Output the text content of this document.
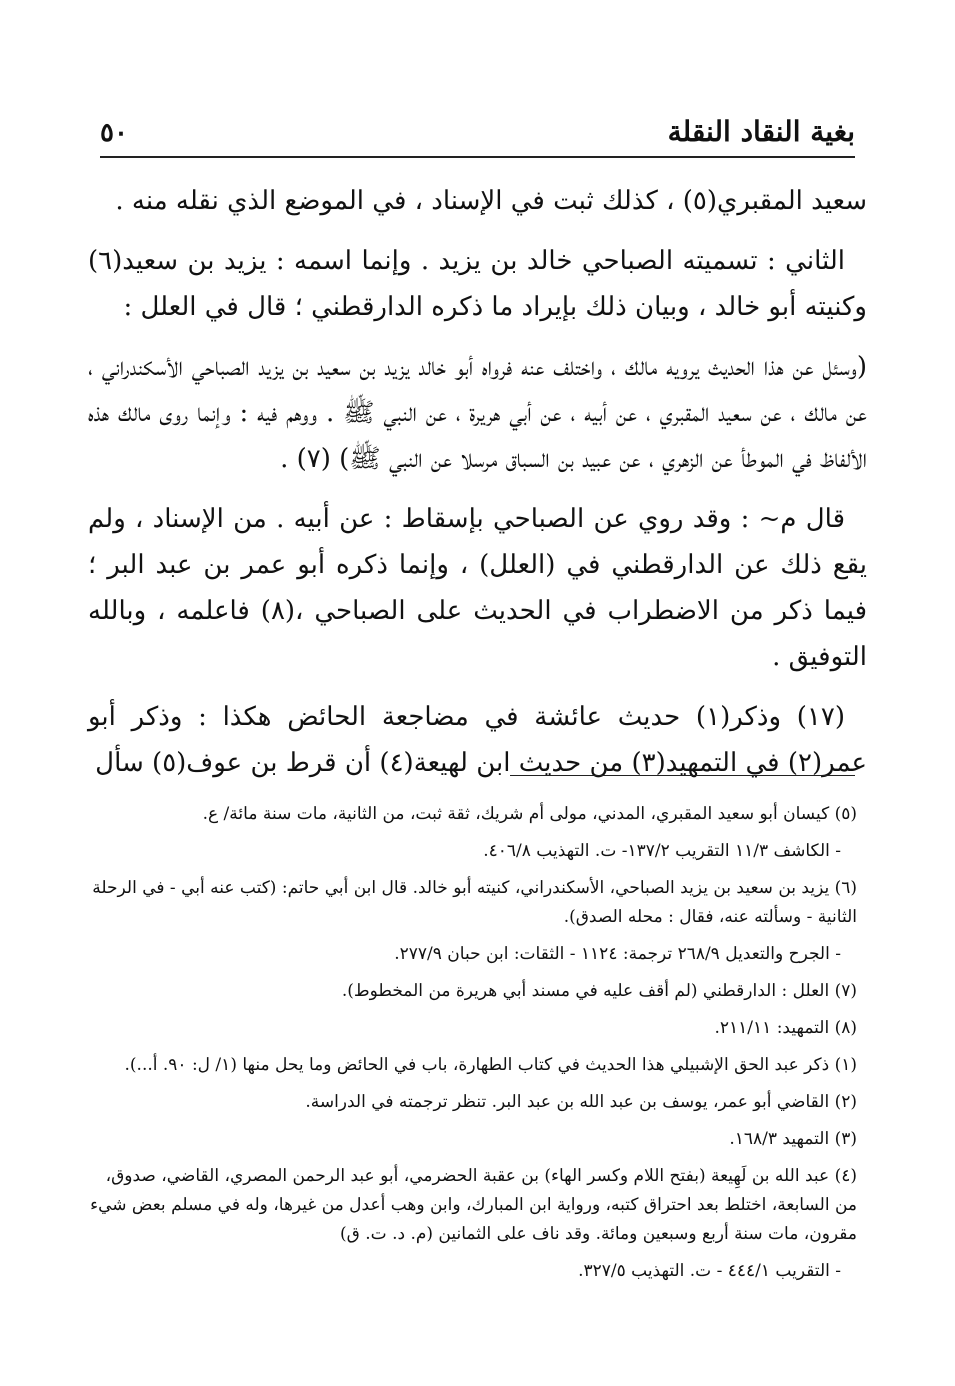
بغية النقاد النقلة
٥٠

سعيد المقبري(٥) ، كذلك ثبت في الإسناد ، في الموضع الذي نقله منه .

الثاني : تسميته الصباحي خالد بن يزيد . وإنما اسمه : يزيد بن سعيد(٦) وكنيته أبو خالد ، وبيان ذلك بإيراد ما ذكره الدارقطني ؛ قال في العلل :

(وسئل عن هذا الحديث يرويه مالك ، واختلف عنه فرواه أبو خالد يزيد بن سعيد بن يزيد الصباحي الأسكندراني ، عن مالك ، عن سعيد المقبري ، عن أبيه ، عن أبي هريرة ، عن النبي ﷺ . ووهم فيه : وإنما روى مالك هذه الألفاظ في الموطأ عن الزهري ، عن عبيد بن السباق مرسلا عن النبي ﷺ) (٧) .

قال م~ : وقد روي عن الصباحي بإسقاط : عن أبيه . من الإسناد ، ولم يقع ذلك عن الدارقطني في (العلل) ، وإنما ذكره أبو عمر بن عبد البر ؛ فيما ذكر من الاضطراب في الحديث على الصباحي ،(٨) فاعلمه ، وبالله التوفيق .

(١٧) وذكر(١) حديث عائشة في مضاجعة الحائض هكذا : وذكر أبو عمر(٢) في التمهيد(٣) من حديث ابن لهيعة(٤) أن قرط بن عوف(٥) سأل

(٥) كيسان أبو سعيد المقبري، المدني، مولى أم شريك، ثقة ثبت، من الثانية، مات سنة مائة/ ع.
- الكاشف ١١/٣ التقريب ١٣٧/٢- ت. التهذيب ٤٠٦/٨.
(٦) يزيد بن سعيد بن يزيد الصباحي، الأسكندراني، كنيته أبو خالد. قال ابن أبي حاتم: (كتب عنه أبي - في الرحلة الثانية - وسألته عنه، فقال : محله الصدق).
- الجرح والتعديل ٢٦٨/٩ ترجمة: ١١٢٤ - الثقات: ابن حبان ٢٧٧/٩.
(٧) العلل : الدارقطني (لم أقف عليه في مسند أبي هريرة من المخطوط).
(٨) التمهيد: ٢١١/١١.
(١) ذكر عبد الحق الإشبيلي هذا الحديث في كتاب الطهارة، باب في الحائض وما يحل منها (١/ ل: ٩٠. أ...).
(٢) القاضي أبو عمر، يوسف بن عبد الله بن عبد البر. تنظر ترجمته في الدراسة.
(٣) التمهيد ١٦٨/٣.
(٤) عبد الله بن لَهِيعة (بفتح اللام وكسر الهاء) بن عقبة الحضرمي، أبو عبد الرحمن المصري، القاضي، صدوق، من السابعة، اختلط بعد احتراق كتبه، ورواية ابن المبارك، وابن وهب أعدل من غيرها، وله في مسلم بعض شيء مقرون، مات سنة أربع وسبعين ومائة. وقد ناف على الثمانين (م. د. ت. ق)
- التقريب ٤٤٤/١ - ت. التهذيب ٣٢٧/٥.
